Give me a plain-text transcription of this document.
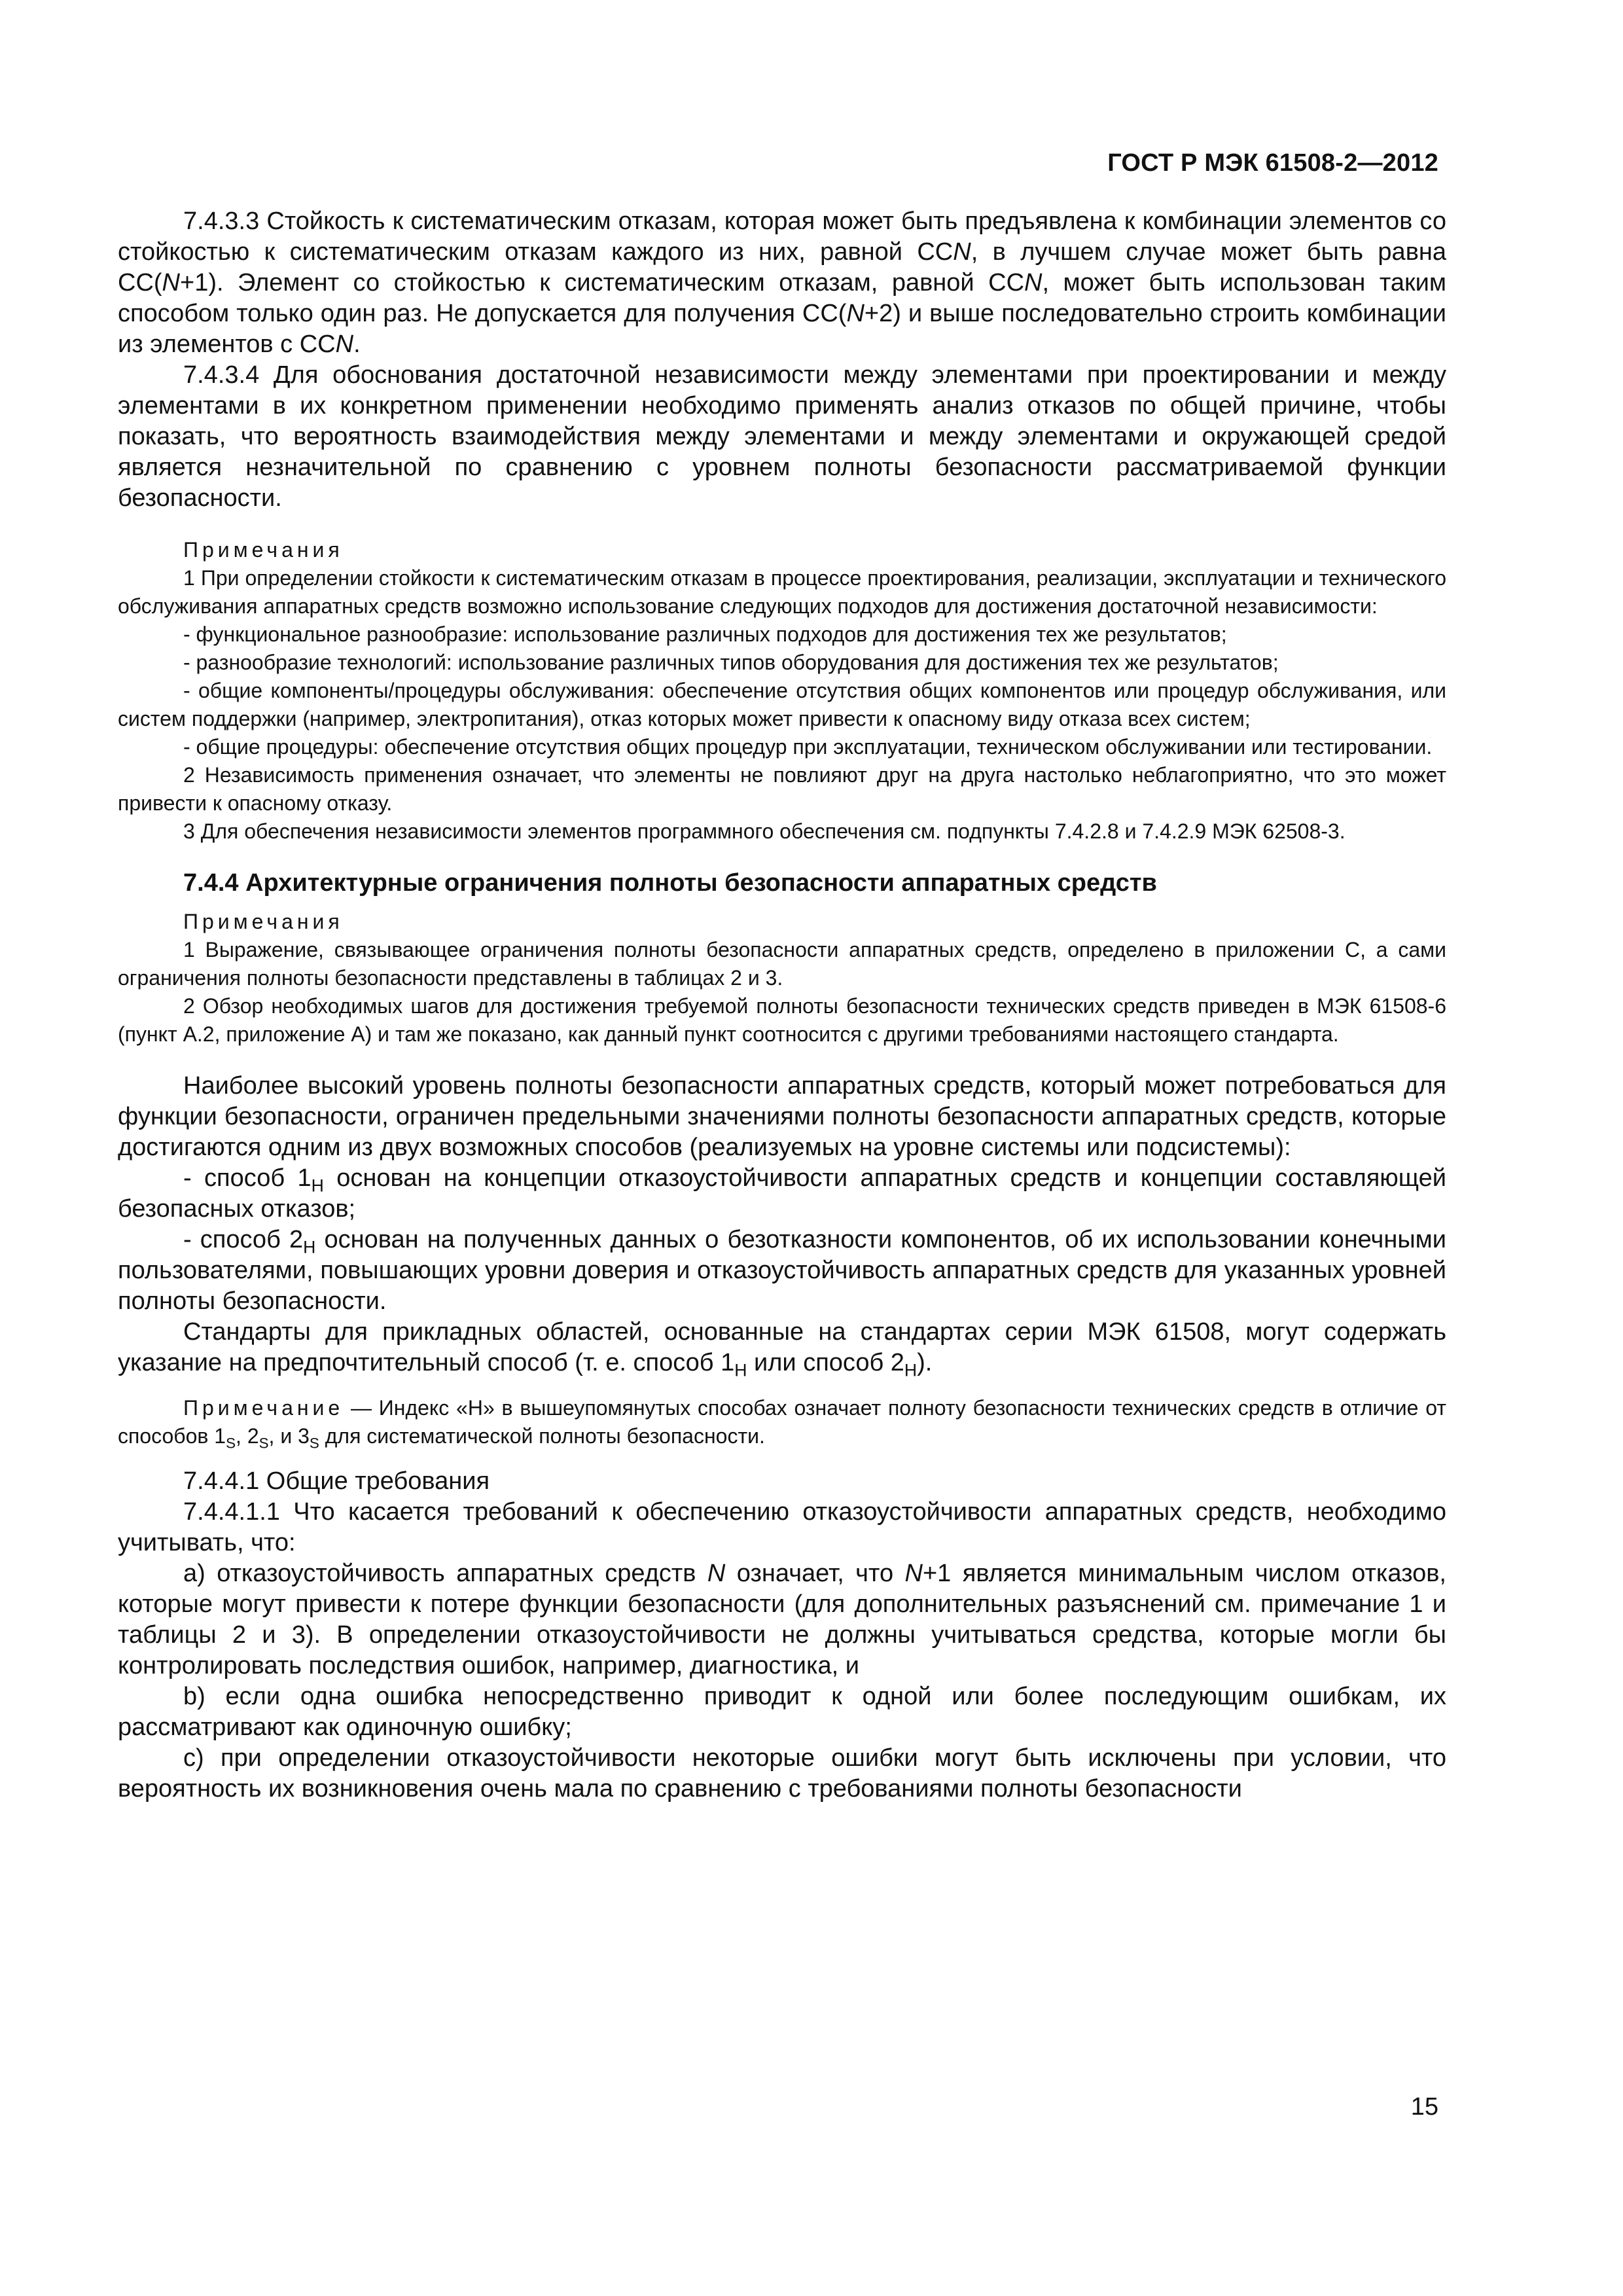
ГОСТ Р МЭК 61508-2—2012

7.4.3.3 Стойкость к систематическим отказам, которая может быть предъявлена к комбинации элементов со стойкостью к систематическим отказам каждого из них, равной CCN, в лучшем случае может быть равна СС(N+1). Элемент со стойкостью к систематическим отказам, равной CCN, может быть использован таким способом только один раз. Не допускается для получения CC(N+2) и выше последовательно строить комбинации из элементов с CCN.

7.4.3.4 Для обоснования достаточной независимости между элементами при проектировании и между элементами в их конкретном применении необходимо применять анализ отказов по общей причине, чтобы показать, что вероятность взаимодействия между элементами и между элементами и окружающей средой является незначительной по сравнению с уровнем полноты безопасности рассматриваемой функции безопасности.

Примечания

1 При определении стойкости к систематическим отказам в процессе проектирования, реализации, эксплуатации и технического обслуживания аппаратных средств возможно использование следующих подходов для достижения достаточной независимости:

- функциональное разнообразие: использование различных подходов для достижения тех же результатов;

- разнообразие технологий: использование различных типов оборудования для достижения тех же результатов;

- общие компоненты/процедуры обслуживания: обеспечение отсутствия общих компонентов или процедур обслуживания, или систем поддержки (например, электропитания), отказ которых может привести к опасному виду отказа всех систем;

- общие процедуры: обеспечение отсутствия общих процедур при эксплуатации, техническом обслуживании или тестировании.

2 Независимость применения означает, что элементы не повлияют друг на друга настолько неблагоприятно, что это может привести к опасному отказу.

3 Для обеспечения независимости элементов программного обеспечения см. подпункты 7.4.2.8 и 7.4.2.9 МЭК 62508-3.

7.4.4 Архитектурные ограничения полноты безопасности аппаратных средств

Примечания

1 Выражение, связывающее ограничения полноты безопасности аппаратных средств, определено в приложении С, а сами ограничения полноты безопасности представлены в таблицах 2 и 3.

2 Обзор необходимых шагов для достижения требуемой полноты безопасности технических средств приведен в МЭК 61508-6 (пункт А.2, приложение А) и там же показано, как данный пункт соотносится с другими требованиями настоящего стандарта.

Наиболее высокий уровень полноты безопасности аппаратных средств, который может потребоваться для функции безопасности, ограничен предельными значениями полноты безопасности аппаратных средств, которые достигаются одним из двух возможных способов (реализуемых на уровне системы или подсистемы):

- способ $1_H$ основан на концепции отказоустойчивости аппаратных средств и концепции составляющей безопасных отказов;

- способ $2_H$ основан на полученных данных о безотказности компонентов, об их использовании конечными пользователями, повышающих уровни доверия и отказоустойчивость аппаратных средств для указанных уровней полноты безопасности.

Стандарты для прикладных областей, основанные на стандартах серии МЭК 61508, могут содержать указание на предпочтительный способ (т. е. способ $1_H$ или способ $2_H$).

Примечание — Индекс «Н» в вышеупомянутых способах означает полноту безопасности технических средств в отличие от способов $1_S$, $2_S$, и $3_S$ для систематической полноты безопасности.

7.4.4.1 Общие требования

7.4.4.1.1 Что касается требований к обеспечению отказоустойчивости аппаратных средств, необходимо учитывать, что:

a) отказоустойчивость аппаратных средств N означает, что N+1 является минимальным числом отказов, которые могут привести к потере функции безопасности (для дополнительных разъяснений см. примечание 1 и таблицы 2 и 3). В определении отказоустойчивости не должны учитываться средства, которые могли бы контролировать последствия ошибок, например, диагностика, и

b) если одна ошибка непосредственно приводит к одной или более последующим ошибкам, их рассматривают как одиночную ошибку;

с) при определении отказоустойчивости некоторые ошибки могут быть исключены при условии, что вероятность их возникновения очень мала по сравнению с требованиями полноты безопасности

15
